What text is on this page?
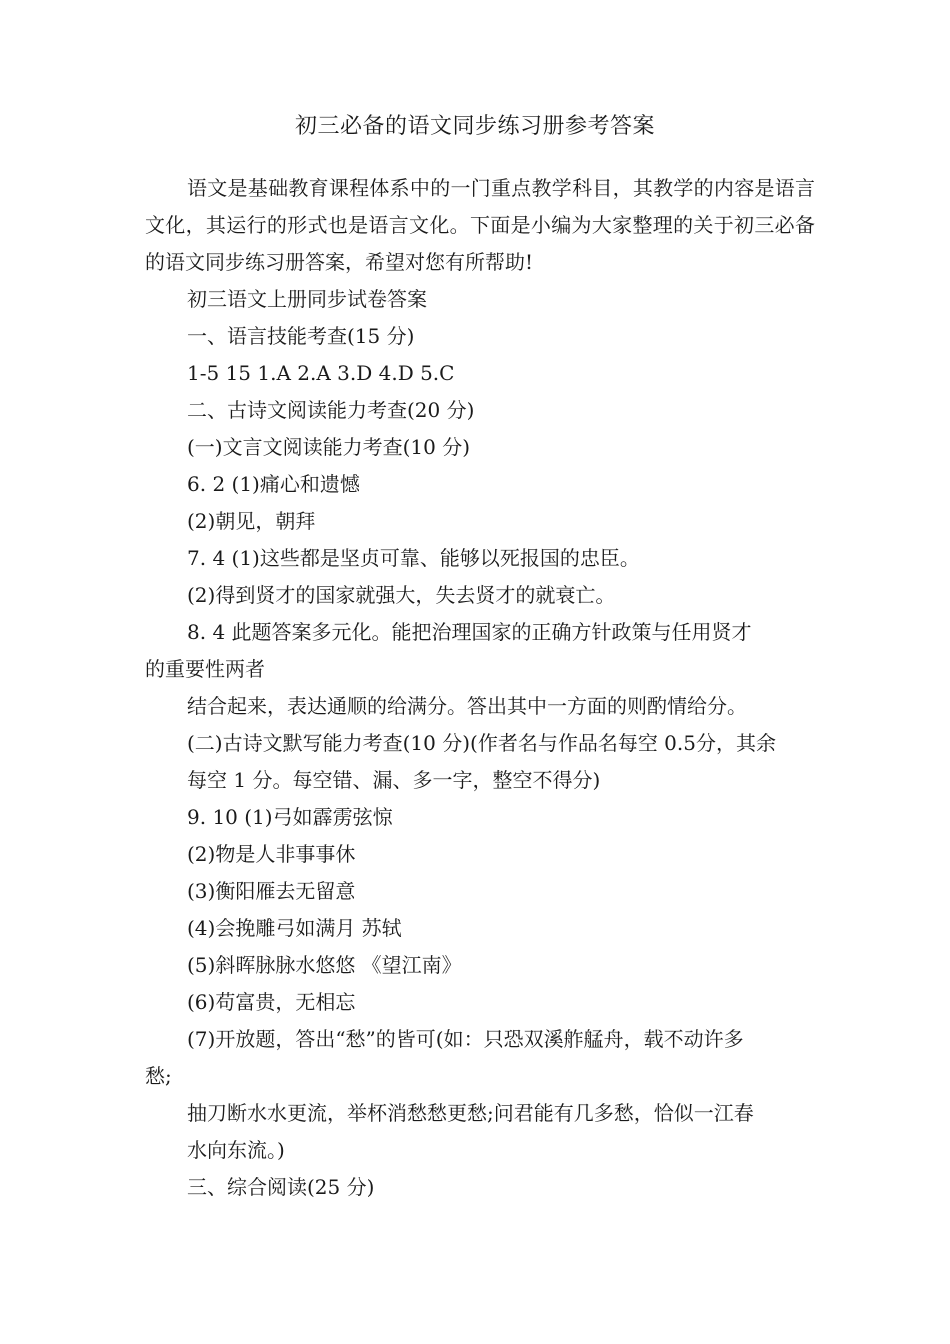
初三必备的语文同步练习册参考答案
语文是基础教育课程体系中的一门重点教学科目，其教学的内容是语言文化，其运行的形式也是语言文化。下面是小编为大家整理的关于初三必备的语文同步练习册答案，希望对您有所帮助!
初三语文上册同步试卷答案
一、语言技能考查(15 分)
1-5 15 1.A 2.A 3.D 4.D 5.C
二、古诗文阅读能力考查(20 分)
(一)文言文阅读能力考查(10 分)
6. 2 (1)痛心和遗憾
(2)朝见，朝拜
7. 4 (1)这些都是坚贞可靠、能够以死报国的忠臣。
(2)得到贤才的国家就强大，失去贤才的就衰亡。
8. 4 此题答案多元化。能把治理国家的正确方针政策与任用贤才
的重要性两者
结合起来，表达通顺的给满分。答出其中一方面的则酌情给分。
(二)古诗文默写能力考查(10 分)(作者名与作品名每空 0.5分，其余
每空 1 分。每空错、漏、多一字，整空不得分)
9. 10 (1)弓如霹雳弦惊
(2)物是人非事事休
(3)衡阳雁去无留意
(4)会挽雕弓如满月 苏轼
(5)斜晖脉脉水悠悠 《望江南》
(6)苟富贵，无相忘
(7)开放题，答出“愁”的皆可(如：只恐双溪舴艋舟，载不动许多
愁;
抽刀断水水更流，举杯消愁愁更愁;问君能有几多愁，恰似一江春
水向东流。)
三、综合阅读(25 分)
